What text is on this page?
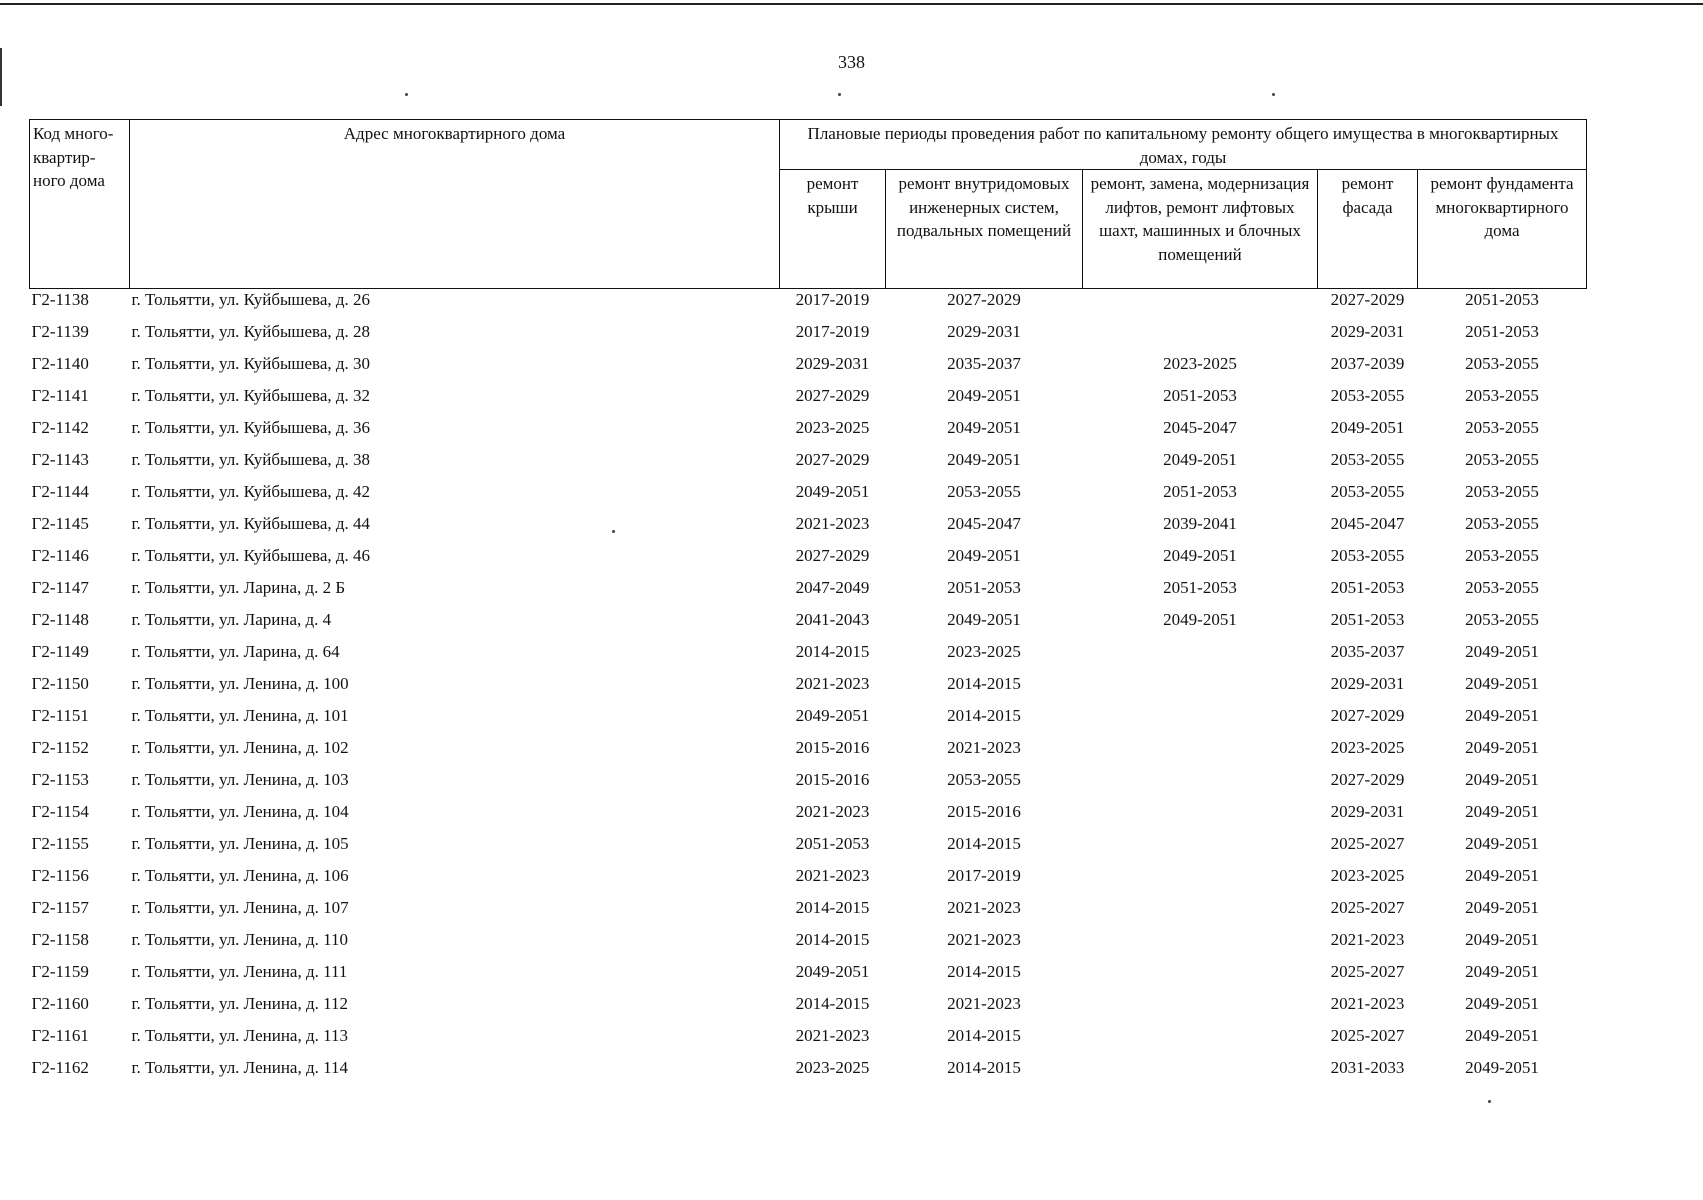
338
Код много-квартир-ного дома	Адрес многоквартирного дома	Плановые периоды проведения работ по капитальному ремонту общего имущества в многоквартирных домах, годы				
		ремонт крыши	ремонт внутридомовых инженерных систем, подвальных помещений	ремонт, замена, модернизация лифтов, ремонт лифтовых шахт, машинных и блочных помещений	ремонт фасада	ремонт фундамента многоквартирного дома
Г2-1138	г. Тольятти, ул. Куйбышева, д. 26	2017-2019	2027-2029		2027-2029	2051-2053
Г2-1139	г. Тольятти, ул. Куйбышева, д. 28	2017-2019	2029-2031		2029-2031	2051-2053
Г2-1140	г. Тольятти, ул. Куйбышева, д. 30	2029-2031	2035-2037	2023-2025	2037-2039	2053-2055
Г2-1141	г. Тольятти, ул. Куйбышева, д. 32	2027-2029	2049-2051	2051-2053	2053-2055	2053-2055
Г2-1142	г. Тольятти, ул. Куйбышева, д. 36	2023-2025	2049-2051	2045-2047	2049-2051	2053-2055
Г2-1143	г. Тольятти, ул. Куйбышева, д. 38	2027-2029	2049-2051	2049-2051	2053-2055	2053-2055
Г2-1144	г. Тольятти, ул. Куйбышева, д. 42	2049-2051	2053-2055	2051-2053	2053-2055	2053-2055
Г2-1145	г. Тольятти, ул. Куйбышева, д. 44	2021-2023	2045-2047	2039-2041	2045-2047	2053-2055
Г2-1146	г. Тольятти, ул. Куйбышева, д. 46	2027-2029	2049-2051	2049-2051	2053-2055	2053-2055
Г2-1147	г. Тольятти, ул. Ларина, д. 2 Б	2047-2049	2051-2053	2051-2053	2051-2053	2053-2055
Г2-1148	г. Тольятти, ул. Ларина, д. 4	2041-2043	2049-2051	2049-2051	2051-2053	2053-2055
Г2-1149	г. Тольятти, ул. Ларина, д. 64	2014-2015	2023-2025		2035-2037	2049-2051
Г2-1150	г. Тольятти, ул. Ленина, д. 100	2021-2023	2014-2015		2029-2031	2049-2051
Г2-1151	г. Тольятти, ул. Ленина, д. 101	2049-2051	2014-2015		2027-2029	2049-2051
Г2-1152	г. Тольятти, ул. Ленина, д. 102	2015-2016	2021-2023		2023-2025	2049-2051
Г2-1153	г. Тольятти, ул. Ленина, д. 103	2015-2016	2053-2055		2027-2029	2049-2051
Г2-1154	г. Тольятти, ул. Ленина, д. 104	2021-2023	2015-2016		2029-2031	2049-2051
Г2-1155	г. Тольятти, ул. Ленина, д. 105	2051-2053	2014-2015		2025-2027	2049-2051
Г2-1156	г. Тольятти, ул. Ленина, д. 106	2021-2023	2017-2019		2023-2025	2049-2051
Г2-1157	г. Тольятти, ул. Ленина, д. 107	2014-2015	2021-2023		2025-2027	2049-2051
Г2-1158	г. Тольятти, ул. Ленина, д. 110	2014-2015	2021-2023		2021-2023	2049-2051
Г2-1159	г. Тольятти, ул. Ленина, д. 111	2049-2051	2014-2015		2025-2027	2049-2051
Г2-1160	г. Тольятти, ул. Ленина, д. 112	2014-2015	2021-2023		2021-2023	2049-2051
Г2-1161	г. Тольятти, ул. Ленина, д. 113	2021-2023	2014-2015		2025-2027	2049-2051
Г2-1162	г. Тольятти, ул. Ленина, д. 114	2023-2025	2014-2015		2031-2033	2049-2051
